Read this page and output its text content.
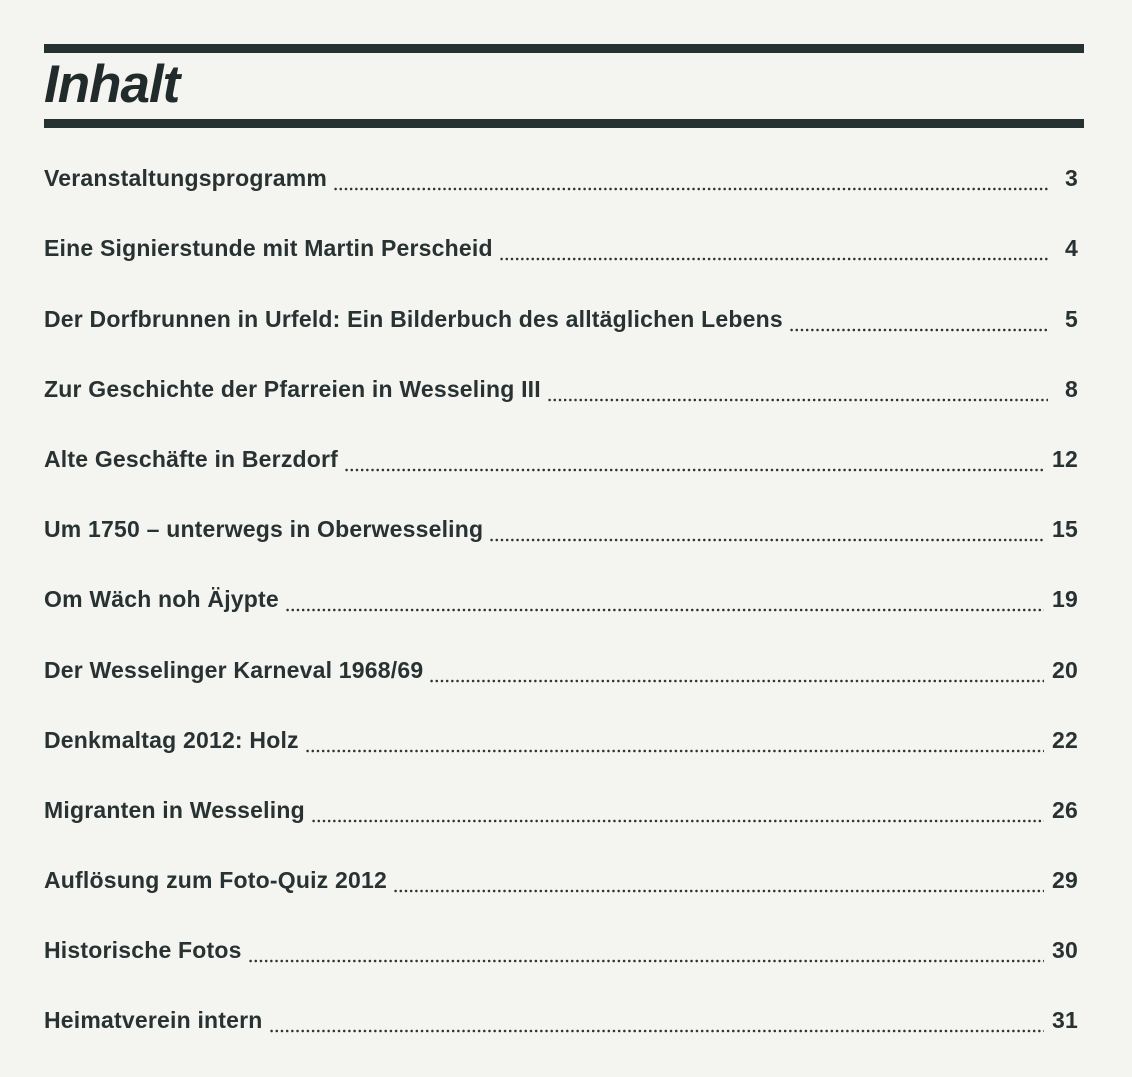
Inhalt
Veranstaltungsprogramm	3
Eine Signierstunde mit Martin Perscheid	4
Der Dorfbrunnen in Urfeld: Ein Bilderbuch des alltäglichen Lebens	5
Zur Geschichte der Pfarreien in Wesseling III	8
Alte Geschäfte in Berzdorf	12
Um 1750 – unterwegs in Oberwesseling	15
Om Wäch noh Äjypte	19
Der Wesselinger Karneval 1968/69	20
Denkmaltag 2012: Holz	22
Migranten in Wesseling	26
Auflösung zum Foto-Quiz 2012	29
Historische Fotos	30
Heimatverein intern	31
